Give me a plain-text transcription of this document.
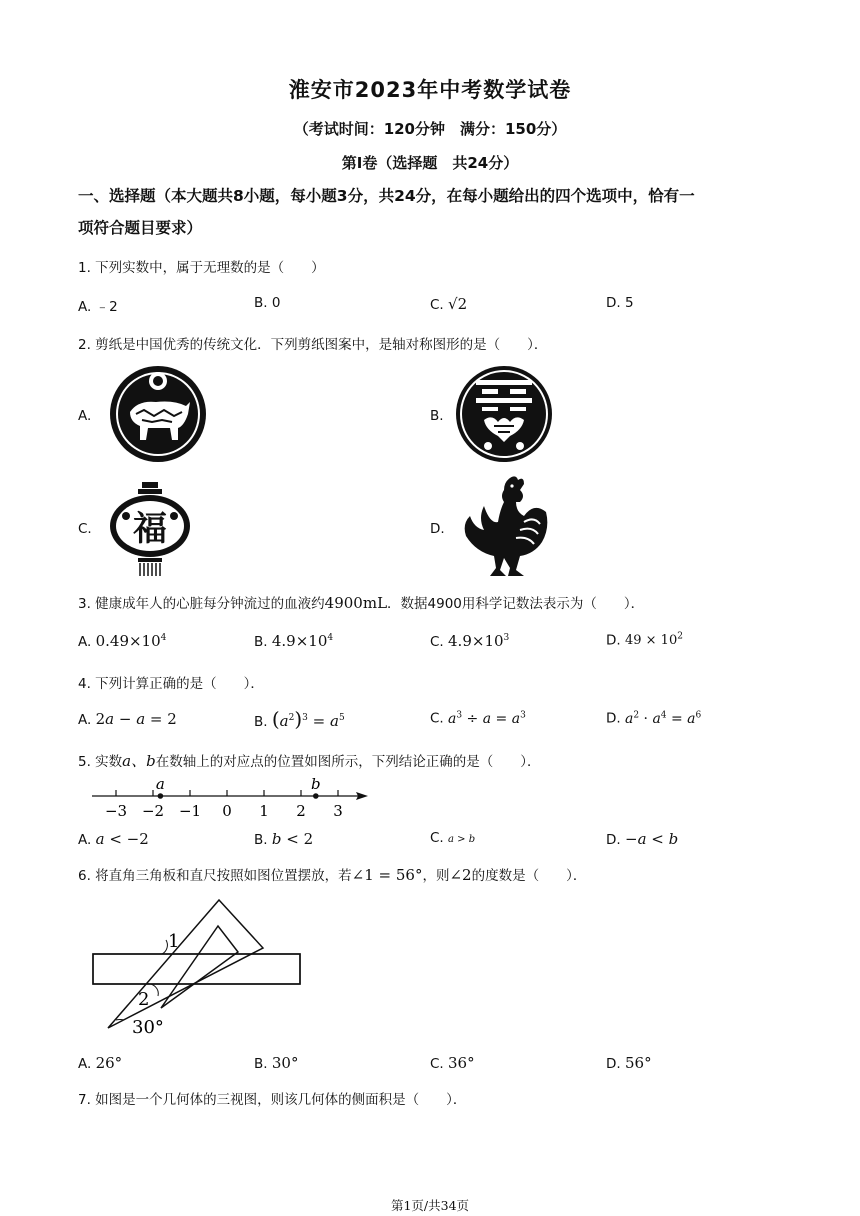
淮安市2023年中考数学试卷
（考试时间：120分钟　满分：150分）
第Ⅰ卷（选择题　共24分）
一、选择题（本大题共8小题，每小题3分，共24分，在每小题给出的四个选项中，恰有一
项符合题目要求）
1. 下列实数中，属于无理数的是（　　）
A. ﹣2	B. 0	C. √2	D. 5
2. 剪纸是中国优秀的传统文化．下列剪纸图案中，是轴对称图形的是（　　）．
A.	B.
C. 福	D.
3. 健康成年人的心脏每分钟流过的血液约4900mL．数据4900用科学记数法表示为（　　）．
A. $0.49\times 10^4$	B. $4.9\times 10^4$	C. $4.9\times 10^3$	D. $49 \times 10^2$
4. 下列计算正确的是（　　）．
A. 2a − a = 2	B. $(a^2)^3 = a^5$	C. $a^3 \div a = a^3$	D. $a^2 \cdot a^4 = a^6$
5. 实数a、b在数轴上的对应点的位置如图所示，下列结论正确的是（　　）．
−3 −2 −1 0 1 2 3
a	b
A. a < −2	B. b < 2	C. a > b	D. −a < b
6. 将直角三角板和直尺按照如图位置摆放，若∠1 = 56°，则∠2的度数是（　　）．
1
2
30°
A. 26°	B. 30°	C. 36°	D. 56°
7. 如图是一个几何体的三视图，则该几何体的侧面积是（　　）．
第1页/共34页
